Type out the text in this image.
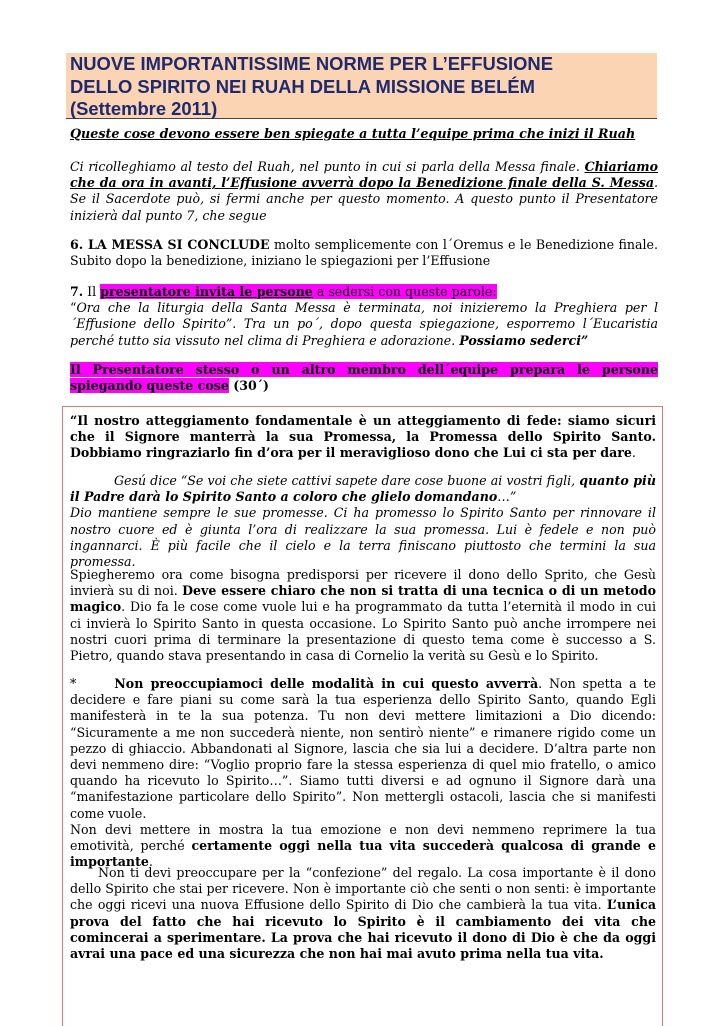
NUOVE IMPORTANTISSIME NORME PER L’EFFUSIONE
DELLO SPIRITO NEI RUAH DELLA MISSIONE BELÉM
(Settembre 2011)

Queste cose devono essere ben spiegate a tutta l’equipe prima che inizi il Ruah

Ci ricolleghiamo al testo del Ruah, nel punto in cui si parla della Messa finale. Chiariamo che da ora in avanti, l’Effusione avverrà dopo la Benedizione finale della S. Messa. Se il Sacerdote può, si fermi anche per questo momento. A questo punto il Presentatore inizierà dal punto 7, che segue

6. LA MESSA SI CONCLUDE molto semplicemente con l´Oremus e le Benedizione finale. Subito dopo la benedizione, iniziano le spiegazioni per l’Effusione

7. Il presentatore invita le persone a sedersi con queste parole:
“Ora che la liturgia della Santa Messa è terminata, noi inizieremo la Preghiera per l´Effusione dello Spirito”. Tra un po´, dopo questa spiegazione, esporremo l´Eucaristia perché tutto sia vissuto nel clima di Preghiera e adorazione. Possiamo sederci”

Il Presentatore stesso o un altro membro dell´equipe prepara le persone spiegando queste cose (30´)

“Il nostro atteggiamento fondamentale è un atteggiamento di fede: siamo sicuri che il Signore manterrà la sua Promessa, la Promessa dello Spirito Santo. Dobbiamo ringraziarlo fin d’ora per il meraviglioso dono che Lui ci sta per dare.

Gesú dice “Se voi che siete cattivi sapete dare cose buone ai vostri figli, quanto più il Padre darà lo Spirito Santo a coloro che glielo domandano…”
Dio mantiene sempre le sue promesse. Ci ha promesso lo Spirito Santo per rinnovare il nostro cuore ed è giunta l’ora di realizzare la sua promessa. Lui è fedele e non può ingannarci. È più facile che il cielo e la terra finiscano piuttosto che termini la sua promessa.

Spiegheremo ora come bisogna predisporsi per ricevere il dono dello Sprito, che Gesù invierà su di noi. Deve essere chiaro che non si tratta di una tecnica o di un metodo magico. Dio fa le cose come vuole lui e ha programmato da tutta l’eternità il modo in cui ci invierà lo Spirito Santo in questa occasione. Lo Spirito Santo può anche irrompere nei nostri cuori prima di terminare la presentazione di questo tema come è successo a S. Pietro, quando stava presentando in casa di Cornelio la verità su Gesù e lo Spirito.

*	Non preoccupiamoci delle modalità in cui questo avverrà. Non spetta a te decidere e fare piani su come sarà la tua esperienza dello Spirito Santo, quando Egli manifesterà in te la sua potenza. Tu non devi mettere limitazioni a Dio dicendo: “Sicuramente a me non succederà niente, non sentirò niente” e rimanere rigido come un pezzo di ghiaccio. Abbandonati al Signore, lascia che sia lui a decidere. D’altra parte non devi nemmeno dire: “Voglio proprio fare la stessa esperienza di quel mio fratello, o amico quando ha ricevuto lo Spirito…”. Siamo tutti diversi e ad ognuno il Signore darà una “manifestazione particolare dello Spirito”. Non mettergli ostacoli, lascia che si manifesti come vuole.

Non devi mettere in mostra la tua emozione e non devi nemmeno reprimere la tua emotività, perché certamente oggi nella tua vita succederà qualcosa di grande e importante.

Non ti devi preoccupare per la “confezione” del regalo. La cosa importante è il dono dello Spirito che stai per ricevere. Non è importante ciò che senti o non senti: è importante che oggi ricevi una nuova Effusione dello Spirito di Dio che cambierà la tua vita. L’unica prova del fatto che hai ricevuto lo Spirito è il cambiamento dei vita che comincerai a sperimentare. La prova che hai ricevuto il dono di Dio è che da oggi avrai una pace ed una sicurezza che non hai mai avuto prima nella tua vita.
